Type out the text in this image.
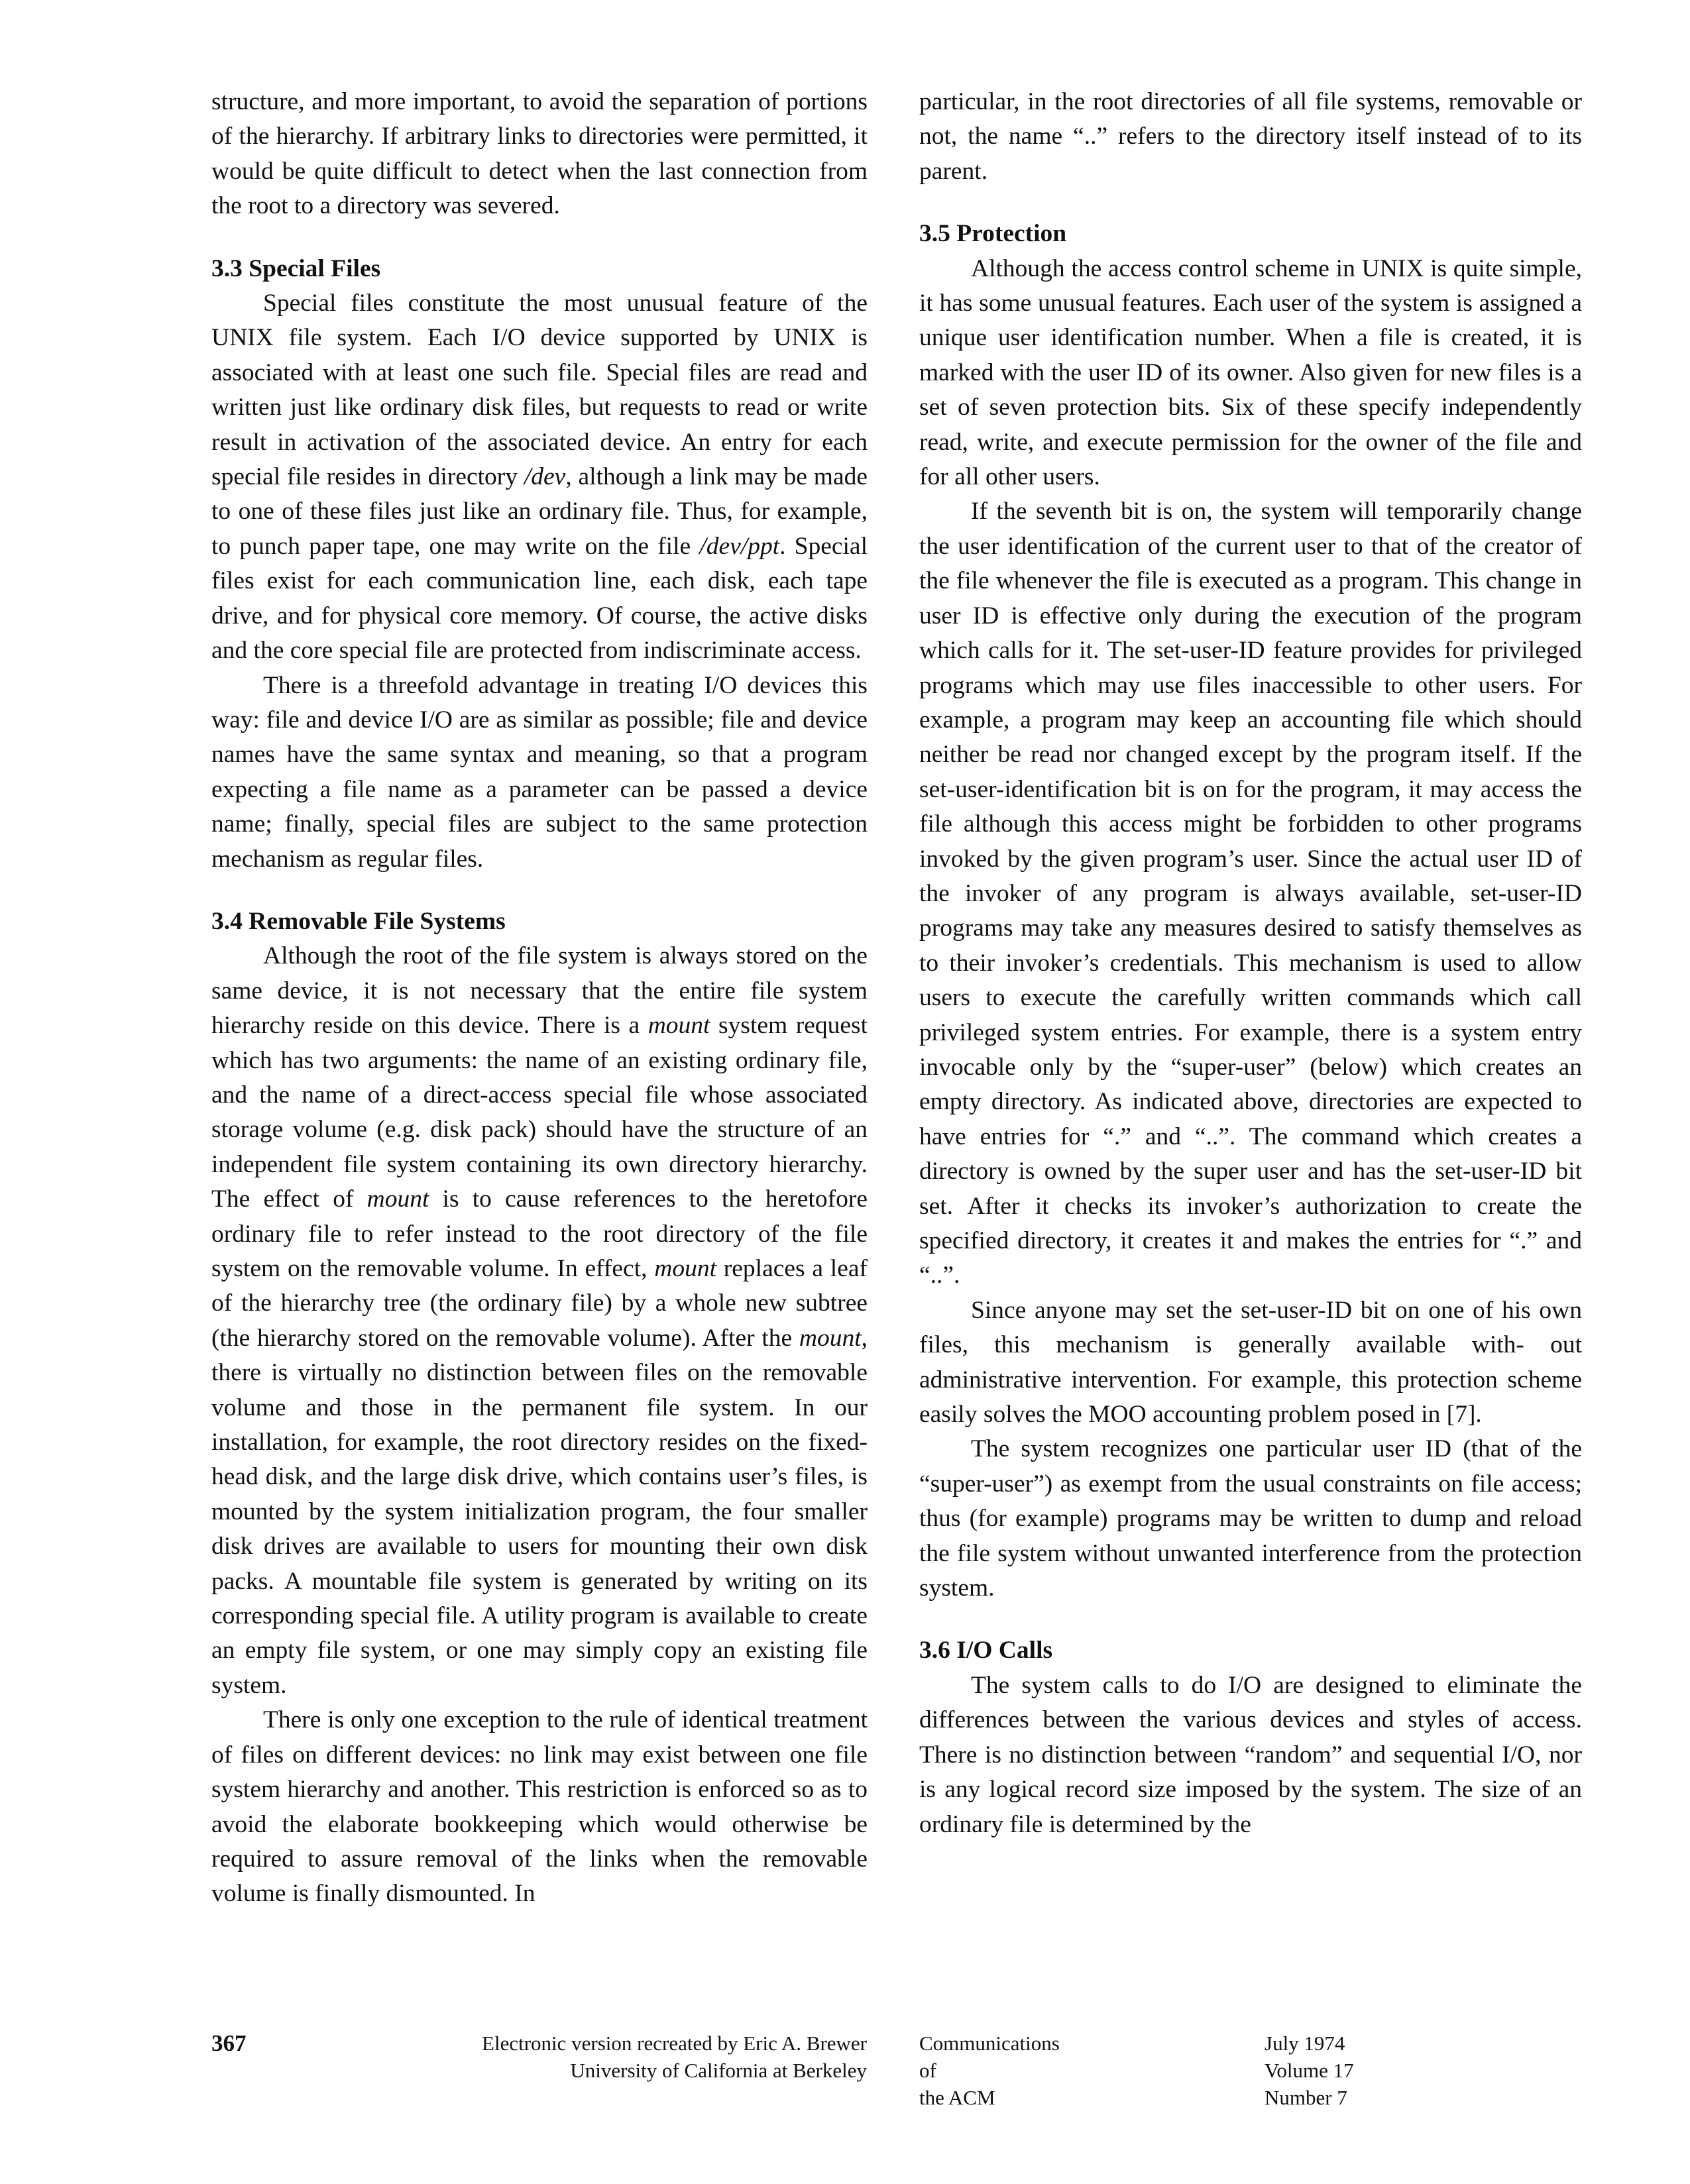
structure, and more important, to avoid the separation of portions of the hierarchy. If arbitrary links to directories were permitted, it would be quite difficult to detect when the last connection from the root to a directory was severed.

3.3 Special Files

Special files constitute the most unusual feature of the UNIX file system. Each I/O device supported by UNIX is associated with at least one such file. Special files are read and written just like ordinary disk files, but requests to read or write result in activation of the associated device. An entry for each special file resides in directory /dev, although a link may be made to one of these files just like an ordinary file. Thus, for example, to punch paper tape, one may write on the file /dev/ppt. Special files exist for each communication line, each disk, each tape drive, and for physical core memory. Of course, the active disks and the core special file are protected from indiscriminate access.

There is a threefold advantage in treating I/O devices this way: file and device I/O are as similar as possible; file and device names have the same syntax and meaning, so that a program expecting a file name as a parameter can be passed a device name; finally, special files are subject to the same protection mechanism as regular files.

3.4 Removable File Systems

Although the root of the file system is always stored on the same device, it is not necessary that the entire file system hierarchy reside on this device. There is a mount system request which has two arguments: the name of an existing ordinary file, and the name of a direct-access special file whose associated storage volume (e.g. disk pack) should have the structure of an independent file system containing its own directory hierarchy. The effect of mount is to cause references to the heretofore ordinary file to refer instead to the root directory of the file system on the removable volume. In effect, mount replaces a leaf of the hierarchy tree (the ordinary file) by a whole new subtree (the hierarchy stored on the removable volume). After the mount, there is virtually no distinction between files on the removable volume and those in the permanent file system. In our installation, for example, the root directory resides on the fixed-head disk, and the large disk drive, which contains user’s files, is mounted by the system initialization program, the four smaller disk drives are available to users for mounting their own disk packs. A mountable file system is generated by writing on its corresponding special file. A utility program is available to create an empty file system, or one may simply copy an existing file system.

There is only one exception to the rule of identical treatment of files on different devices: no link may exist between one file system hierarchy and another. This restriction is enforced so as to avoid the elaborate bookkeeping which would otherwise be required to assure removal of the links when the removable volume is finally dismounted. In

particular, in the root directories of all file systems, removable or not, the name “..” refers to the directory itself instead of to its parent.

3.5 Protection

Although the access control scheme in UNIX is quite simple, it has some unusual features. Each user of the system is assigned a unique user identification number. When a file is created, it is marked with the user ID of its owner. Also given for new files is a set of seven protection bits. Six of these specify independently read, write, and execute permission for the owner of the file and for all other users.

If the seventh bit is on, the system will temporarily change the user identification of the current user to that of the creator of the file whenever the file is executed as a program. This change in user ID is effective only during the execution of the program which calls for it. The set-user-ID feature provides for privileged programs which may use files inaccessible to other users. For example, a program may keep an accounting file which should neither be read nor changed except by the program itself. If the set-user-identification bit is on for the program, it may access the file although this access might be forbidden to other programs invoked by the given program’s user. Since the actual user ID of the invoker of any program is always available, set-user-ID programs may take any measures desired to satisfy themselves as to their invoker’s credentials. This mechanism is used to allow users to execute the carefully written commands which call privileged system entries. For example, there is a system entry invocable only by the “super-user” (below) which creates an empty directory. As indicated above, directories are expected to have entries for “.” and “..”. The command which creates a directory is owned by the super user and has the set-user-ID bit set. After it checks its invoker’s authorization to create the specified directory, it creates it and makes the entries for “.” and “..”.

Since anyone may set the set-user-ID bit on one of his own files, this mechanism is generally available with- out administrative intervention. For example, this protection scheme easily solves the MOO accounting problem posed in [7].

The system recognizes one particular user ID (that of the “super-user”) as exempt from the usual constraints on file access; thus (for example) programs may be written to dump and reload the file system without unwanted interference from the protection system.

3.6 I/O Calls

The system calls to do I/O are designed to eliminate the differences between the various devices and styles of access. There is no distinction between “random” and sequential I/O, nor is any logical record size imposed by the system. The size of an ordinary file is determined by the

367	Electronic version recreated by Eric A. Brewer
University of California at Berkeley
Communications
of
the ACM
July 1974
Volume 17
Number 7
